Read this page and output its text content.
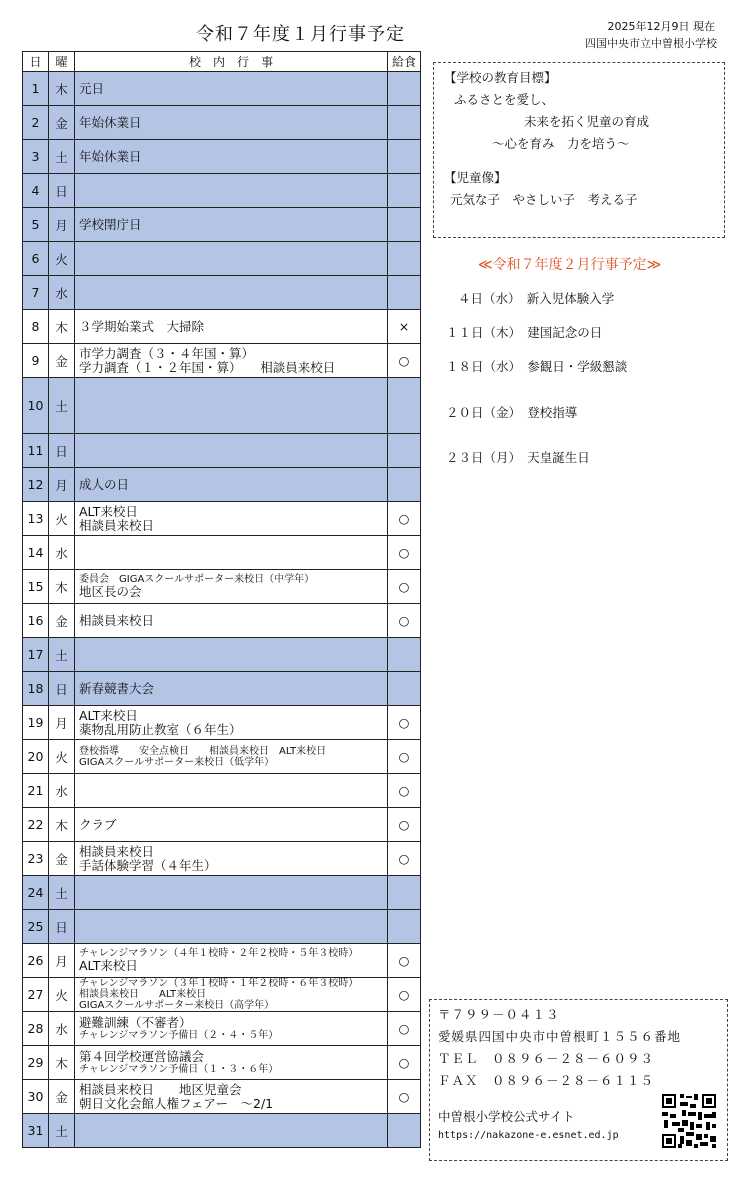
令和７年度１月行事予定	2025年12月9日 現在
四国中央市立中曽根小学校
日	曜	校　内　行　事	給食
1	木	元日	

2	金	年始休業日	

3	土	年始休業日	

4	日	

5	月	学校閉庁日	

6	火	

7	水	

8	木	３学期始業式　大掃除	×
9	金	市学力調査（３・４年国・算）
学力調査（１・２年国・算）　　相談員来校日	○
10	土	

11	日	

12	月	成人の日	

13	火	ALT来校日
相談員来校日	○
14	水		○
15	木	委員会　GIGAスクールサポーター来校日（中学年）
地区長の会	○
16	金	相談員来校日	○
17	土	

18	日	新春競書大会	

19	月	ALT来校日
薬物乱用防止教室（６年生）	○
20	火	登校指導　　安全点検日　　相談員来校日　ALT来校日
GIGAスクールサポーター来校日（低学年）	○
21	水		○
22	木	クラブ	○
23	金	相談員来校日
手話体験学習（４年生）	○
24	土	

25	日	

26	月	チャレンジマラソン（４年１校時・２年２校時・５年３校時）
ALT来校日	○
27	火	チャレンジマラソン（３年１校時・１年２校時・６年３校時）
相談員来校日　　ALT来校日
GIGAスクールサポーター来校日（高学年）	○
28	水	避難訓練（不審者）
チャレンジマラソン予備日（２・４・５年）	○
29	木	第４回学校運営協議会
チャレンジマラソン予備日（１・３・６年）	○
30	金	相談員来校日　　地区児童会
朝日文化会館人権フェアー　～2/1	○
31	土	

【学校の教育目標】
ふるさとを愛し、
未来を拓く児童の育成
～心を育み　力を培う～
【児童像】
元気な子　やさしい子　考える子
≪令和７年度２月行事予定≫
４日（水）　新入児体験入学
１１日（木）　建国記念の日
１８日（水）　参観日・学級懇談
２０日（金）　登校指導
２３日（月）　天皇誕生日
〒７９９－０４１３
愛媛県四国中央市中曽根町１５５６番地
ＴＥＬ　０８９６－２８－６０９３
ＦＡＸ　０８９６－２８－６１１５
中曽根小学校公式サイト
https://nakazone-e.esnet.ed.jp
